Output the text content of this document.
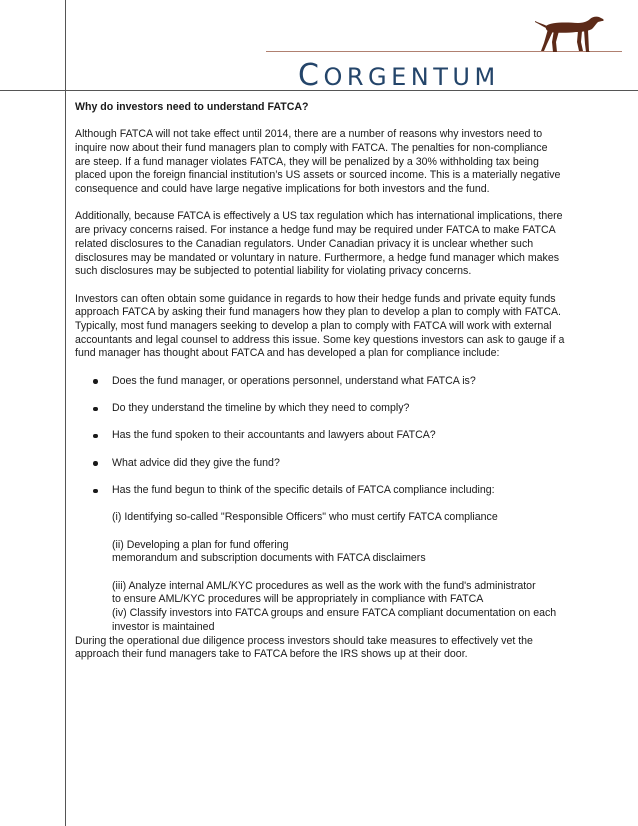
CORGENTUM

Why do investors need to understand FATCA?

Although FATCA will not take effect until 2014, there are a number of reasons why investors need to inquire now about their fund managers plan to comply with FATCA. The penalties for non-compliance are steep. If a fund manager violates FATCA, they will be penalized by a 30% withholding tax being placed upon the foreign financial institution’s US assets or sourced income. This is a materially negative consequence and could have large negative implications for both investors and the fund.

Additionally, because FATCA is effectively a US tax regulation which has international implications, there are privacy concerns raised. For instance a hedge fund may be required under FATCA to make FATCA related disclosures to the Canadian regulators. Under Canadian privacy it is unclear whether such disclosures may be mandated or voluntary in nature. Furthermore, a hedge fund manager which makes such disclosures may be subjected to potential liability for violating privacy concerns.

Investors can often obtain some guidance in regards to how their hedge funds and private equity funds approach FATCA by asking their fund managers how they plan to develop a plan to comply with FATCA. Typically, most fund managers seeking to develop a plan to comply with FATCA will work with external accountants and legal counsel to address this issue. Some key questions investors can ask to gauge if a fund manager has thought about FATCA and has developed a plan for compliance include:

Does the fund manager, or operations personnel, understand what FATCA is?
Do they understand the timeline by which they need to comply?
Has the fund spoken to their accountants and lawyers about FATCA?
What advice did they give the fund?
Has the fund begun to think of the specific details of FATCA compliance including:

(i) Identifying so-called "Responsible Officers" who must certify FATCA compliance

(ii) Developing a plan for fund offering

memorandum and subscription documents with FATCA disclaimers

(iii) Analyze internal AML/KYC procedures as well as the work with the fund's administrator

to ensure AML/KYC procedures will be appropriately in compliance with FATCA

(iv) Classify investors into FATCA groups and ensure FATCA compliant documentation on each investor is maintained

During the operational due diligence process investors should take measures to effectively vet the approach their fund managers take to FATCA before the IRS shows up at their door.
